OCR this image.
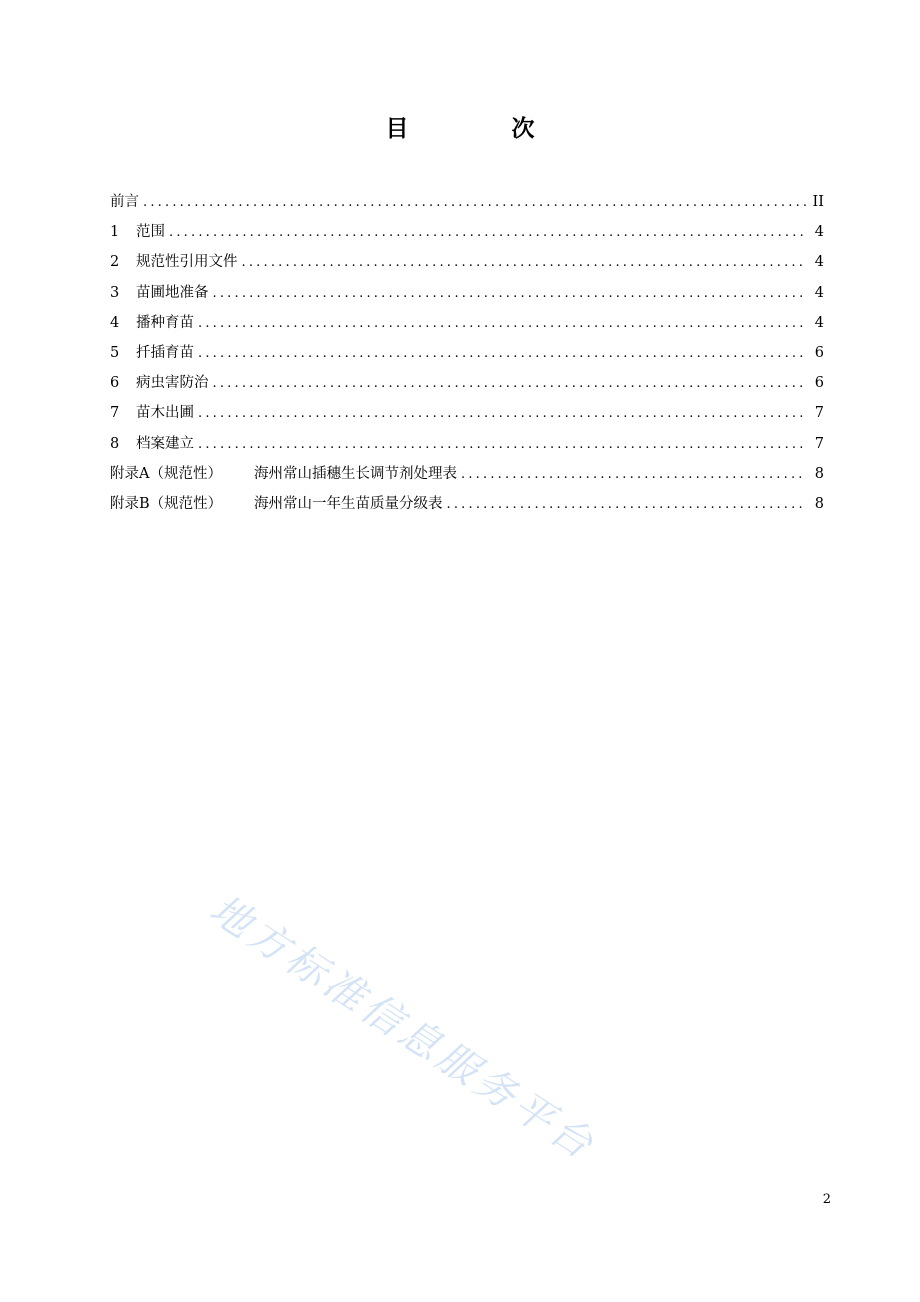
目　次
前言 .....	II
1 范围 .....	4
2 规范性引用文件 .....	4
3 苗圃地准备 .....	4
4 播种育苗 .....	4
5 扦插育苗 .....	6
6 病虫害防治 .....	6
7 苗木出圃 .....	7
8 档案建立 .....	7
附录A（规范性） 海州常山插穗生长调节剂处理表 .....	8
附录B（规范性） 海州常山一年生苗质量分级表 .....	8
地方标准信息服务平台
2
